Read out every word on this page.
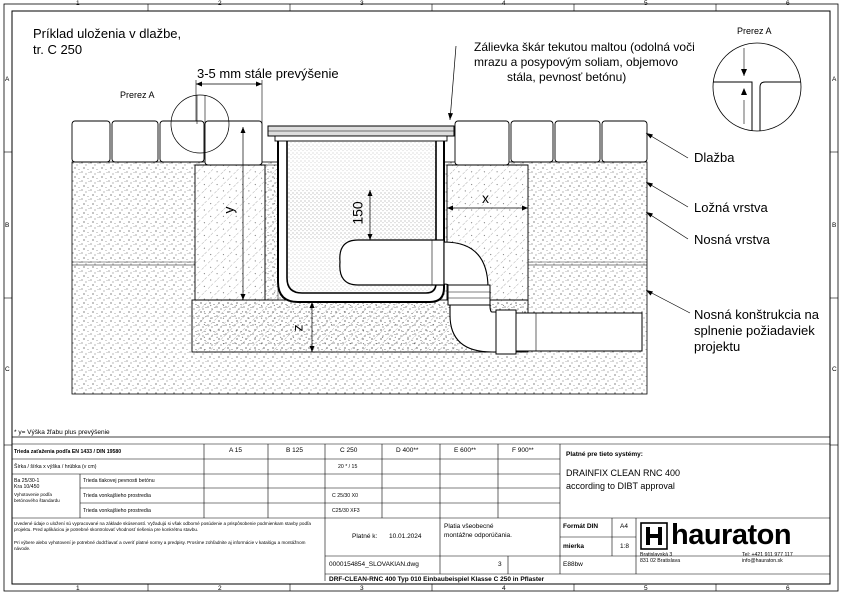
1	2	3	4	5	6
1	2	3	4	5	6
A
B
C
A
B
C
Príklad uloženia v dlažbe,
tr. C 250
3-5 mm stále prevýšenie
Prerez A
Prerez A
Zálievka škár tekutou maltou (odolná voči
mrazu a posypovým soliam, objemovo
stála, pevnosť betónu)
* y= Výška žľabu plus prevýšenie
y
z
150
x
Dlažba
Ložná vrstva
Nosná vrstva
Nosná konštrukcia na
splnenie požiadaviek
projektu
Trieda zaťaženia podľa EN 1433 / DIN 19580	A 15	B 125	C 250	D 400**	E 600**	F 900**
Šírka / šírka x výška / hrúbka (v cm)	20 * / 15
Ba 25/30-1
Kra 10/450
Vyhotovenie podľa betónového štandardu
Trieda tlakovej pevnosti betónu
Trieda vonkajšieho prostredia	C 25/30 X0
Trieda vonkajšieho prostredia	C25/30 XF3
Platné pre tieto systémy:
DRAINFIX CLEAN RNC 400
according to DIBT approval
Uvedené údaje o uložení sú vypracované na základe skúseností. Vyžadujú si však odborné posúdenie a prispôsobenie podmienkam stavby podľa projektu. Pred aplikáciou je potrebné skontrolovať vhodnosť riešenia pre konkrétnu stavbu.
Pri výbere alebo vyhotovení je potrebné dodržiavať a overiť platné normy a predpisy. Prosíme zohľadnite aj informácie v katalógu a montážnom návode.
Platia všeobecné
montážne odporúčania.
Platné k: 10.01.2024
Formát DIN	A4
mierka	1:8
0000154854_SLOVAKIAN.dwg	3	E88bw
DRF-CLEAN-RNC 400 Typ 010 Einbaubeispiel Klasse C 250 in Pflaster
hauraton
Bratislavská 3
831 02 Bratislava
Tel: +421 911 977 117
info@hauraton.sk
